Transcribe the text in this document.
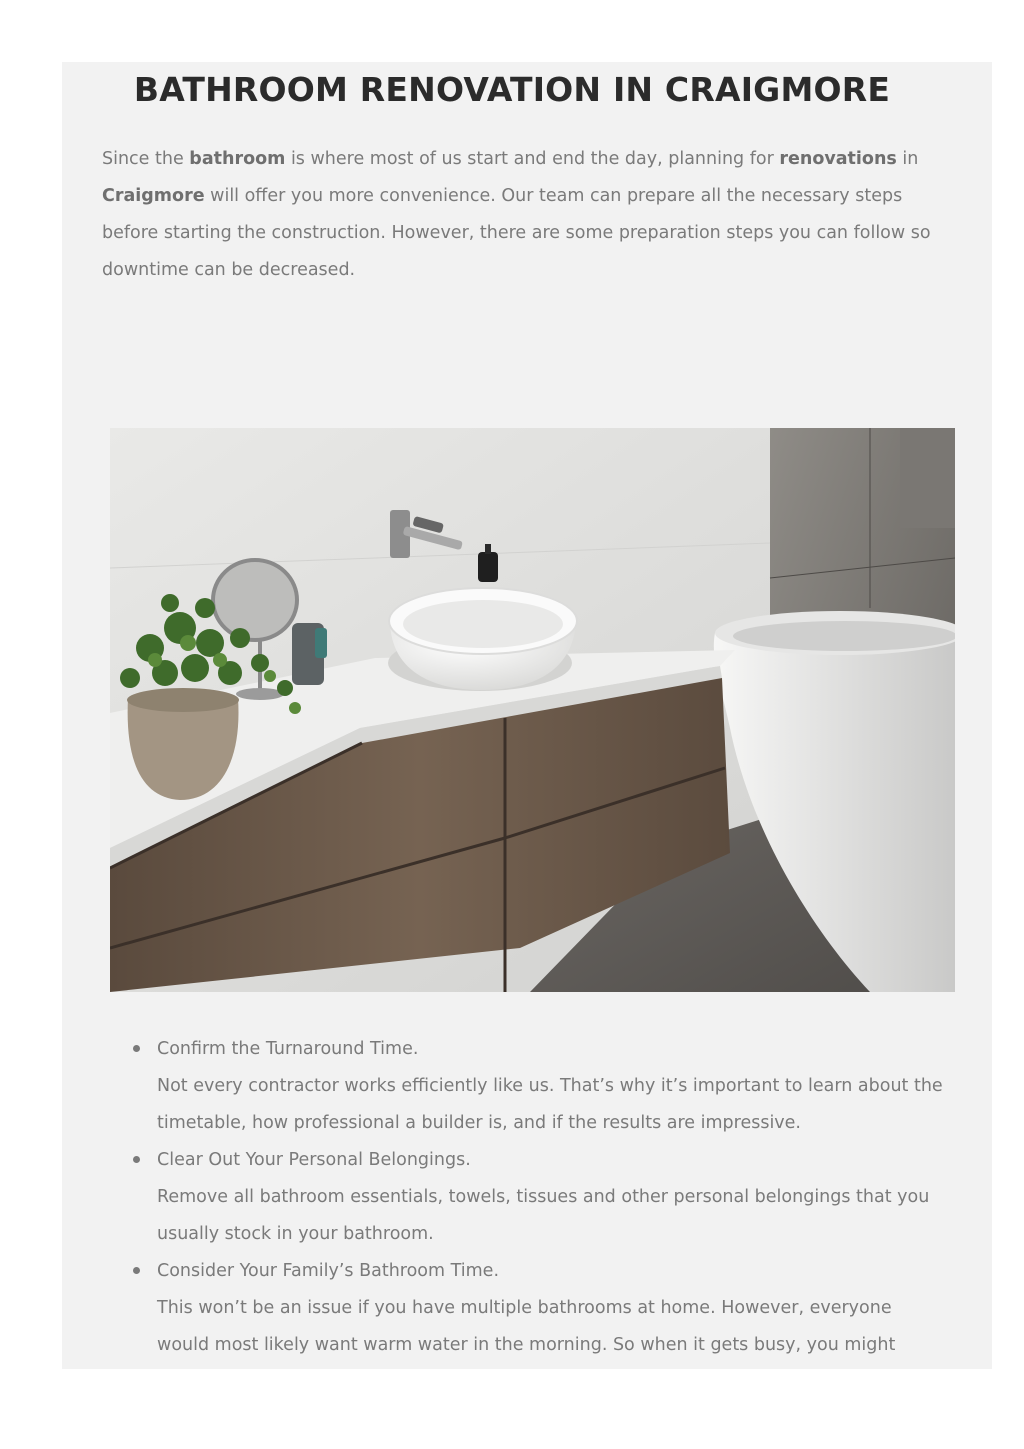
BATHROOM RENOVATION IN CRAIGMORE

Since the bathroom is where most of us start and end the day, planning for renovations in Craigmore will offer you more convenience. Our team can prepare all the necessary steps before starting the construction. However, there are some preparation steps you can follow so downtime can be decreased.

Confirm the Turnaround Time.
Not every contractor works efficiently like us. That’s why it’s important to learn about the timetable, how professional a builder is, and if the results are impressive.
Clear Out Your Personal Belongings.
Remove all bathroom essentials, towels, tissues and other personal belongings that you usually stock in your bathroom.
Consider Your Family’s Bathroom Time.
This won’t be an issue if you have multiple bathrooms at home. However, everyone would most likely want warm water in the morning. So when it gets busy, you might
